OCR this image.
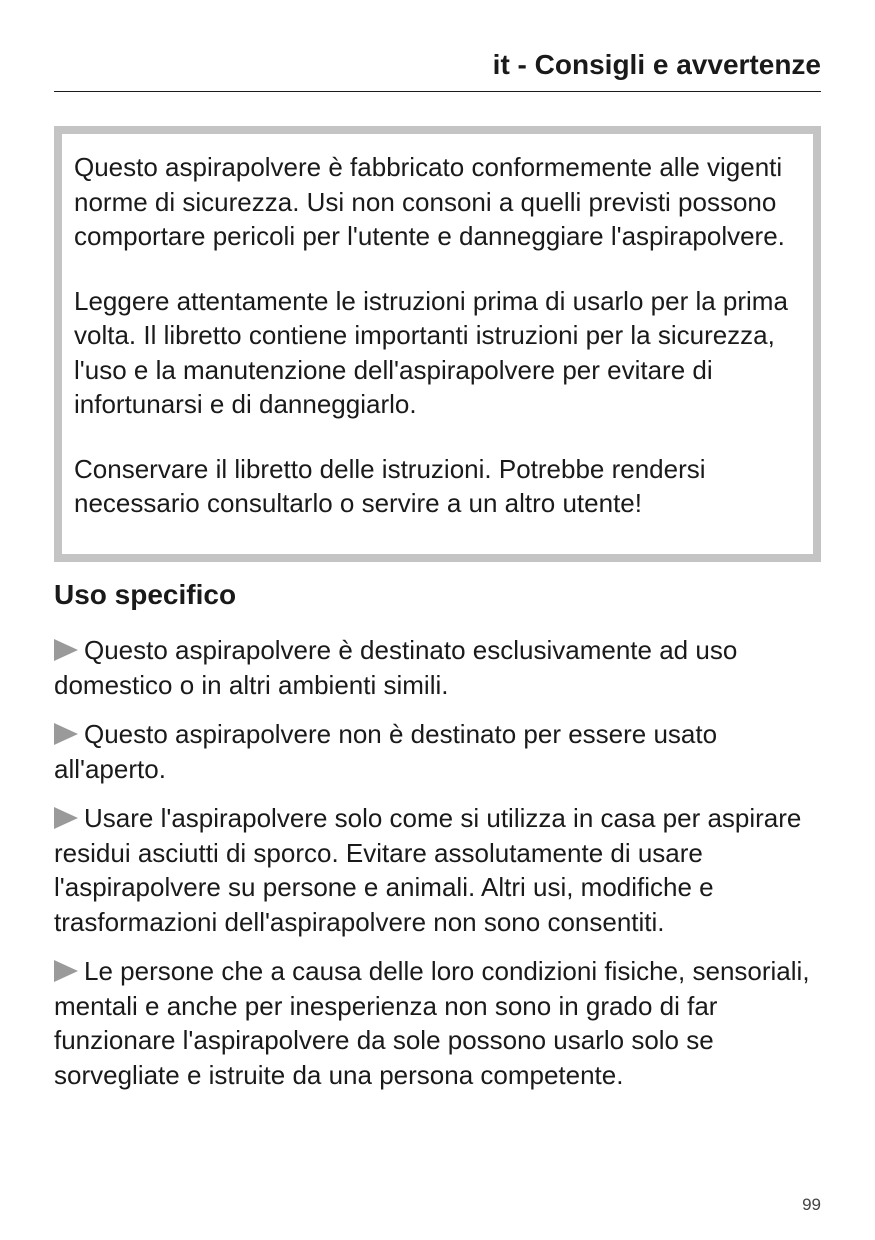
it - Consigli e avvertenze

Questo aspirapolvere è fabbricato conformemente alle vigenti norme di sicurezza. Usi non consoni a quelli previsti possono comportare pericoli per l'utente e danneggiare l'aspirapolvere.

Leggere attentamente le istruzioni prima di usarlo per la prima volta. Il libretto contiene importanti istruzioni per la sicurezza, l'uso e la manutenzione dell'aspirapolvere per evitare di infortunarsi e di danneggiarlo.

Conservare il libretto delle istruzioni. Potrebbe rendersi necessario consultarlo o servire a un altro utente!

Uso specifico

Questo aspirapolvere è destinato esclusivamente ad uso domestico o in altri ambienti simili.

Questo aspirapolvere non è destinato per essere usato all'aperto.

Usare l'aspirapolvere solo come si utilizza in casa per aspirare residui asciutti di sporco. Evitare assolutamente di usare l'aspirapolvere su persone e animali. Altri usi, modifiche e trasformazioni dell'aspirapolvere non sono consentiti.

Le persone che a causa delle loro condizioni fisiche, sensoriali, mentali e anche per inesperienza non sono in grado di far funzionare l'aspirapolvere da sole possono usarlo solo se sorvegliate e istruite da una persona competente.

99
